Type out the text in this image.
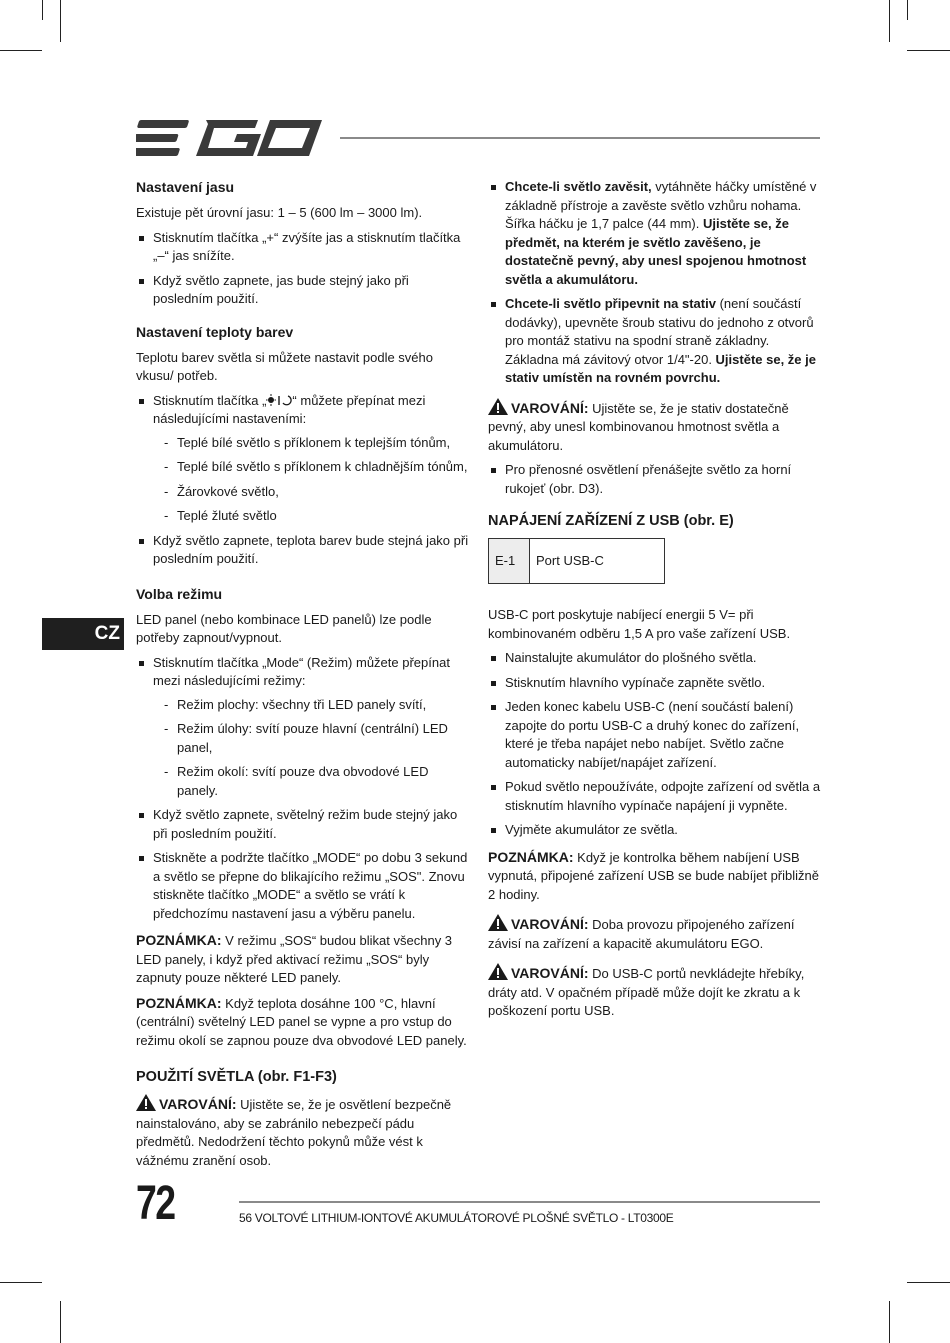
CZ
Nastavení jasu

Existuje pět úrovní jasu: 1 – 5 (600 lm – 3000 lm).

Stisknutím tlačítka „+“ zvýšíte jas a stisknutím tlačítka „–“ jas snížíte.
Když světlo zapnete, jas bude stejný jako při posledním použití.
Nastavení teploty barev

Teplotu barev světla si můžete nastavit podle svého vkusu/ potřeb.

Stisknutím tlačítka „ “ můžete přepínat mezi následujícími nastaveními:
- Teplé bílé světlo s příklonem k teplejším tónům,
- Teplé bílé světlo s příklonem k chladnějším tónům,
- Žárovkové světlo,
- Teplé žluté světlo
Když světlo zapnete, teplota barev bude stejná jako při posledním použití.
Volba režimu

LED panel (nebo kombinace LED panelů) lze podle potřeby zapnout/vypnout.

Stisknutím tlačítka „Mode“ (Režim) můžete přepínat mezi následujícími režimy:
- Režim plochy: všechny tři LED panely svítí,
- Režim úlohy: svítí pouze hlavní (centrální) LED panel,
- Režim okolí: svítí pouze dva obvodové LED panely.
Když světlo zapnete, světelný režim bude stejný jako při posledním použití.
Stiskněte a podržte tlačítko „MODE“ po dobu 3 sekund a světlo se přepne do blikajícího režimu „SOS". Znovu stiskněte tlačítko „MODE“ a světlo se vrátí k předchozímu nastavení jasu a výběru panelu.

POZNÁMKA: V režimu „SOS“ budou blikat všechny 3 LED panely, i když před aktivací režimu „SOS“ byly zapnuty pouze některé LED panely.

POZNÁMKA: Když teplota dosáhne 100 °C, hlavní (centrální) světelný LED panel se vypne a pro vstup do režimu okolí se zapnou pouze dva obvodové LED panely.

POUŽITÍ SVĚTLA (obr. F1-F3)

VAROVÁNÍ: Ujistěte se, že je osvětlení bezpečně nainstalováno, aby se zabránilo nebezpečí pádu předmětů. Nedodržení těchto pokynů může vést k vážnému zranění osob.

Chcete-li světlo zavěsit, vytáhněte háčky umístěné v základně přístroje a zavěste světlo vzhůru nohama. Šířka háčku je 1,7 palce (44 mm). Ujistěte se, že předmět, na kterém je světlo zavěšeno, je dostatečně pevný, aby unesl spojenou hmotnost světla a akumulátoru.
Chcete-li světlo připevnit na stativ (není součástí dodávky), upevněte šroub stativu do jednoho z otvorů pro montáž stativu na spodní straně základny. Základna má závitový otvor 1/4"-20. Ujistěte se, že je stativ umístěn na rovném povrchu.

VAROVÁNÍ: Ujistěte se, že je stativ dostatečně pevný, aby unesl kombinovanou hmotnost světla a akumulátoru.

Pro přenosné osvětlení přenášejte světlo za horní rukojeť (obr. D3).
NAPÁJENÍ ZAŘÍZENÍ Z USB (obr. E)
E-1	Port USB-C

USB-C port poskytuje nabíjecí energii 5 V= při kombinovaném odběru 1,5 A pro vaše zařízení USB.

Nainstalujte akumulátor do plošného světla.
Stisknutím hlavního vypínače zapněte světlo.
Jeden konec kabelu USB-C (není součástí balení) zapojte do portu USB-C a druhý konec do zařízení, které je třeba napájet nebo nabíjet. Světlo začne automaticky nabíjet/napájet zařízení.
Pokud světlo nepoužíváte, odpojte zařízení od světla a stisknutím hlavního vypínače napájení ji vypněte.
Vyjměte akumulátor ze světla.

POZNÁMKA: Když je kontrolka během nabíjení USB vypnutá, připojené zařízení USB se bude nabíjet přibližně 2 hodiny.

VAROVÁNÍ: Doba provozu připojeného zařízení závisí na zařízení a kapacitě akumulátoru EGO.

VAROVÁNÍ: Do USB-C portů nevkládejte hřebíky, dráty atd. V opačném případě může dojít ke zkratu a k poškození portu USB.

72	56 VOLTOVÉ LITHIUM-IONTOVÉ AKUMULÁTOROVÉ PLOŠNÉ SVĚTLO - LT0300E
